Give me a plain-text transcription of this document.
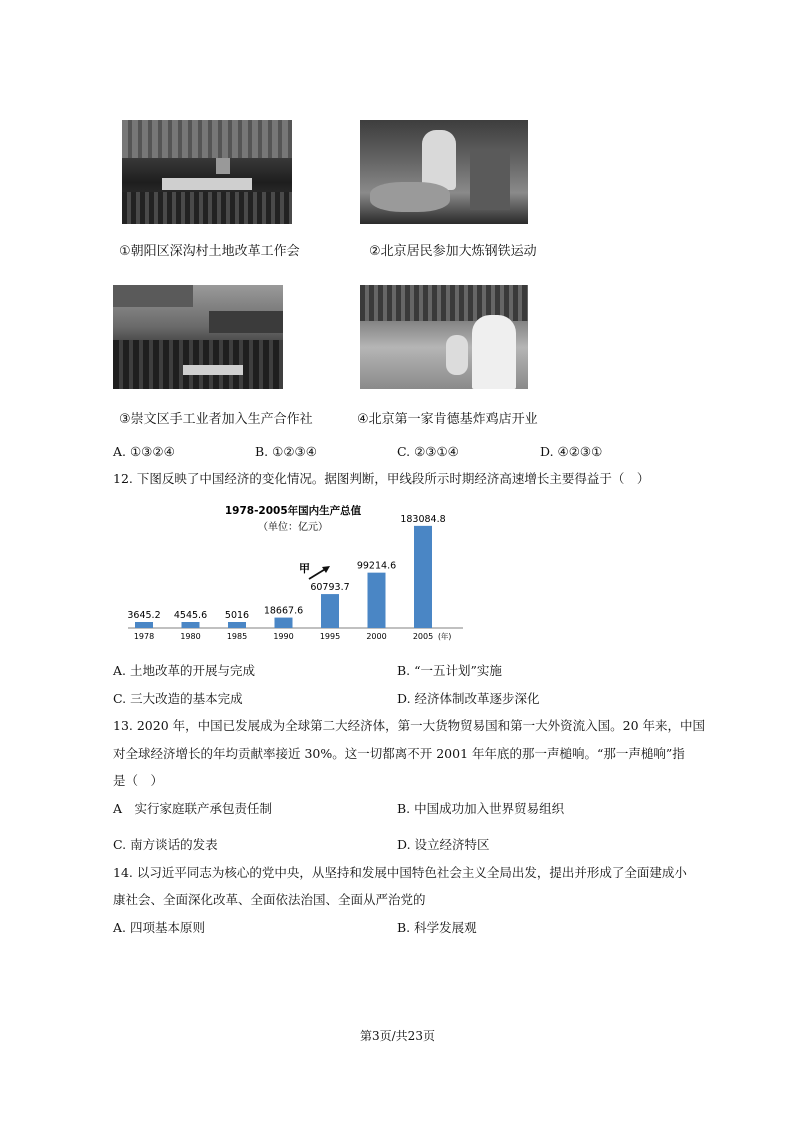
①朝阳区深沟村土地改革工作会	②北京居民参加大炼钢铁运动
③崇文区手工业者加入生产合作社	④北京第一家肯德基炸鸡店开业
A. ①③②④	B. ①②③④	C. ②③①④	D. ④②③①
12. 下图反映了中国经济的变化情况。据图判断，甲线段所示时期经济高速增长主要得益于（　）
1978-2005年国内生产总值
（单位：亿元）
3645.2 4545.6 5016 18667.6
60793.7
99214.6
183084.8
1978	1980	1985	1990	1995	2000	2005 (年)
甲
A. 土地改革的开展与完成	B. “一五计划”实施
C. 三大改造的基本完成	D. 经济体制改革逐步深化
13. 2020 年，中国已发展成为全球第二大经济体，第一大货物贸易国和第一大外资流入国。20 年来，中国
对全球经济增长的年均贡献率接近 30%。这一切都离不开 2001 年年底的那一声槌响。“那一声槌响”指
是（　）
A　实行家庭联产承包责任制	B. 中国成功加入世界贸易组织
C. 南方谈话的发表	D. 设立经济特区
14. 以习近平同志为核心的党中央，从坚持和发展中国特色社会主义全局出发，提出并形成了全面建成小
康社会、全面深化改革、全面依法治国、全面从严治党的
A. 四项基本原则	B. 科学发展观
第3页/共23页
